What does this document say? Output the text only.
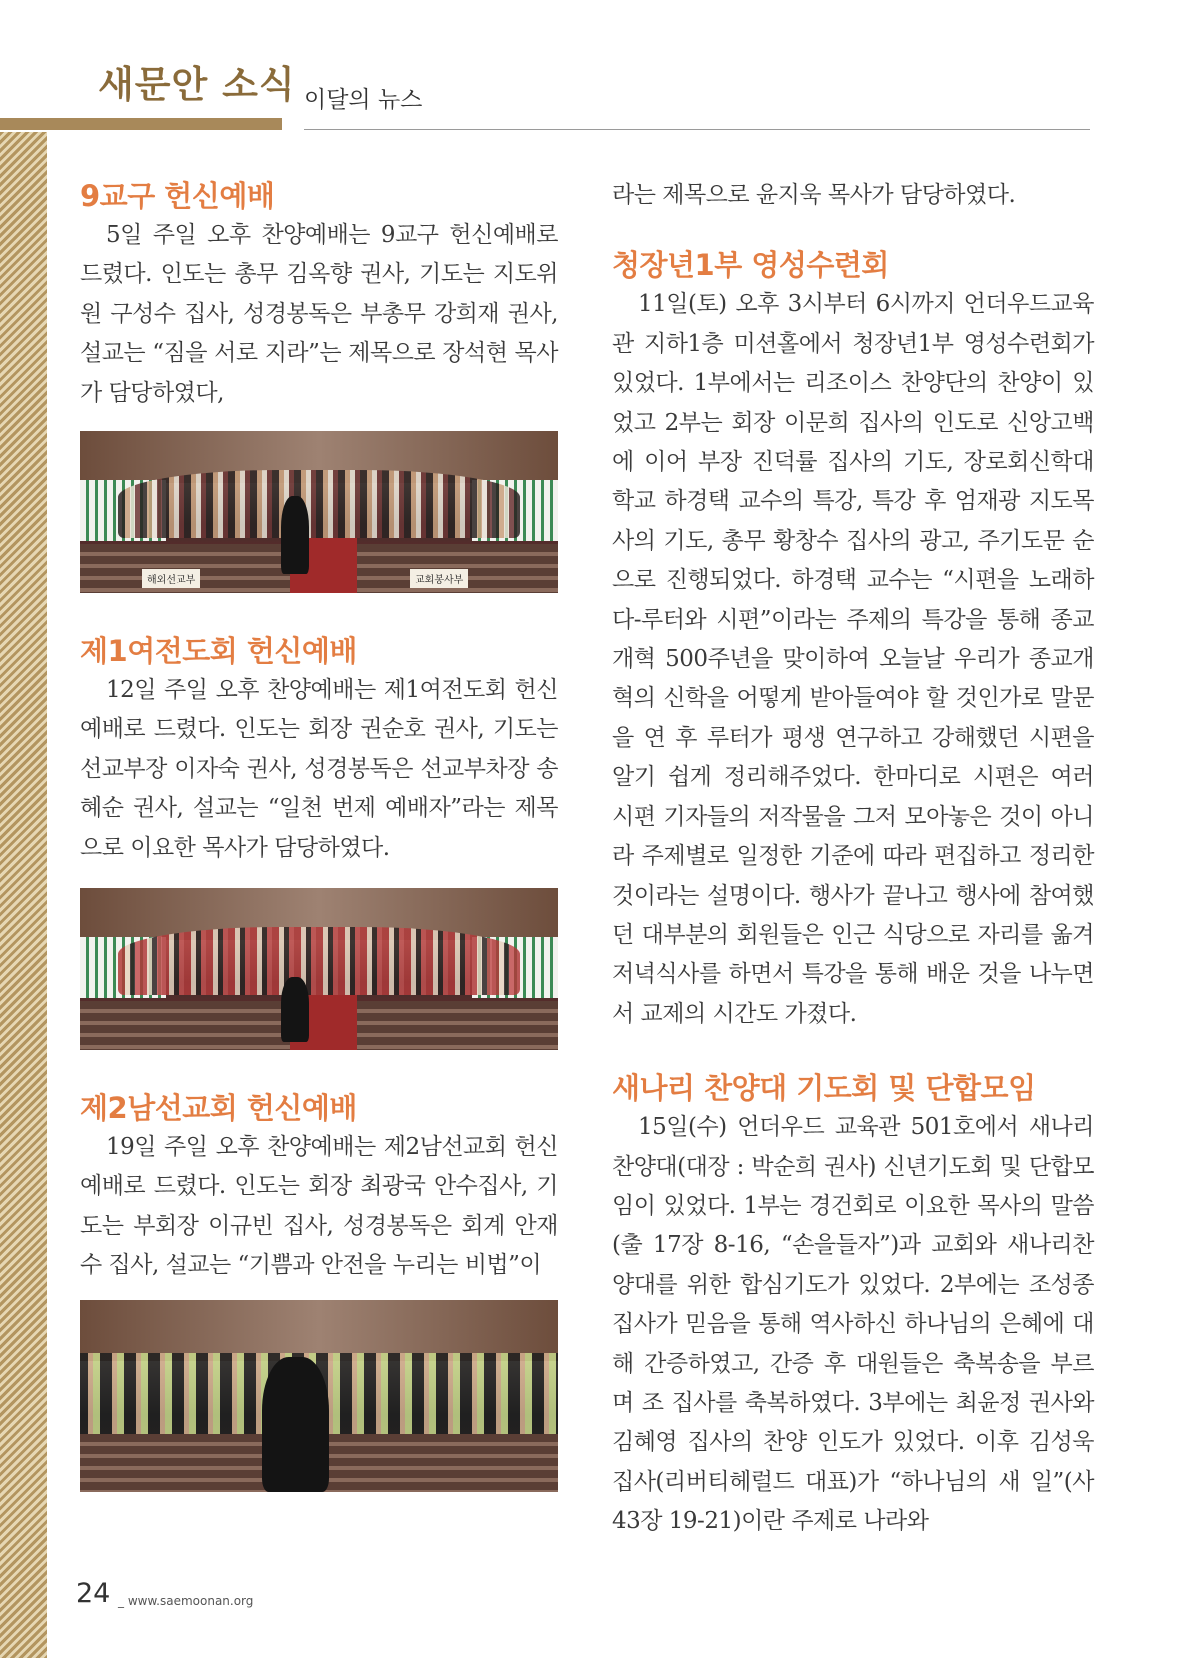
새문안 소식 이달의 뉴스
9교구 헌신예배

5일 주일 오후 찬양예배는 9교구 헌신예배로 드렸다. 인도는 총무 김옥향 권사, 기도는 지도위원 구성수 집사, 성경봉독은 부총무 강희재 권사, 설교는 “짐을 서로 지라”는 제목으로 장석현 목사가 담당하였다,

해외선교부	교회봉사부
제1여전도회 헌신예배

12일 주일 오후 찬양예배는 제1여전도회 헌신예배로 드렸다. 인도는 회장 권순호 권사, 기도는 선교부장 이자숙 권사, 성경봉독은 선교부차장 송혜순 권사, 설교는 “일천 번제 예배자”라는 제목으로 이요한 목사가 담당하였다.

제2남선교회 헌신예배

19일 주일 오후 찬양예배는 제2남선교회 헌신예배로 드렸다. 인도는 회장 최광국 안수집사, 기도는 부회장 이규빈 집사, 성경봉독은 회계 안재수 집사, 설교는 “기쁨과 안전을 누리는 비법”이

라는 제목으로 윤지욱 목사가 담당하였다.

청장년1부 영성수련회

11일(토) 오후 3시부터 6시까지 언더우드교육관 지하1층 미션홀에서 청장년1부 영성수련회가 있었다. 1부에서는 리조이스 찬양단의 찬양이 있었고 2부는 회장 이문희 집사의 인도로 신앙고백에 이어 부장 진덕률 집사의 기도, 장로회신학대학교 하경택 교수의 특강, 특강 후 엄재광 지도목사의 기도, 총무 황창수 집사의 광고, 주기도문 순으로 진행되었다. 하경택 교수는 “시편을 노래하다-루터와 시편”이라는 주제의 특강을 통해 종교개혁 500주년을 맞이하여 오늘날 우리가 종교개혁의 신학을 어떻게 받아들여야 할 것인가로 말문을 연 후 루터가 평생 연구하고 강해했던 시편을 알기 쉽게 정리해주었다. 한마디로 시편은 여러 시편 기자들의 저작물을 그저 모아놓은 것이 아니라 주제별로 일정한 기준에 따라 편집하고 정리한 것이라는 설명이다. 행사가 끝나고 행사에 참여했던 대부분의 회원들은 인근 식당으로 자리를 옮겨 저녁식사를 하면서 특강을 통해 배운 것을 나누면서 교제의 시간도 가졌다.

새나리 찬양대 기도회 및 단합모임

15일(수) 언더우드 교육관 501호에서 새나리찬양대(대장 : 박순희 권사) 신년기도회 및 단합모임이 있었다. 1부는 경건회로 이요한 목사의 말씀(출 17장 8-16, “손을들자”)과 교회와 새나리찬양대를 위한 합심기도가 있었다. 2부에는 조성종 집사가 믿음을 통해 역사하신 하나님의 은혜에 대해 간증하였고, 간증 후 대원들은 축복송을 부르며 조 집사를 축복하였다. 3부에는 최윤정 권사와 김혜영 집사의 찬양 인도가 있었다. 이후 김성욱 집사(리버티헤럴드 대표)가 “하나님의 새 일”(사 43장 19-21)이란 주제로 나라와

24 _ www.saemoonan.org
